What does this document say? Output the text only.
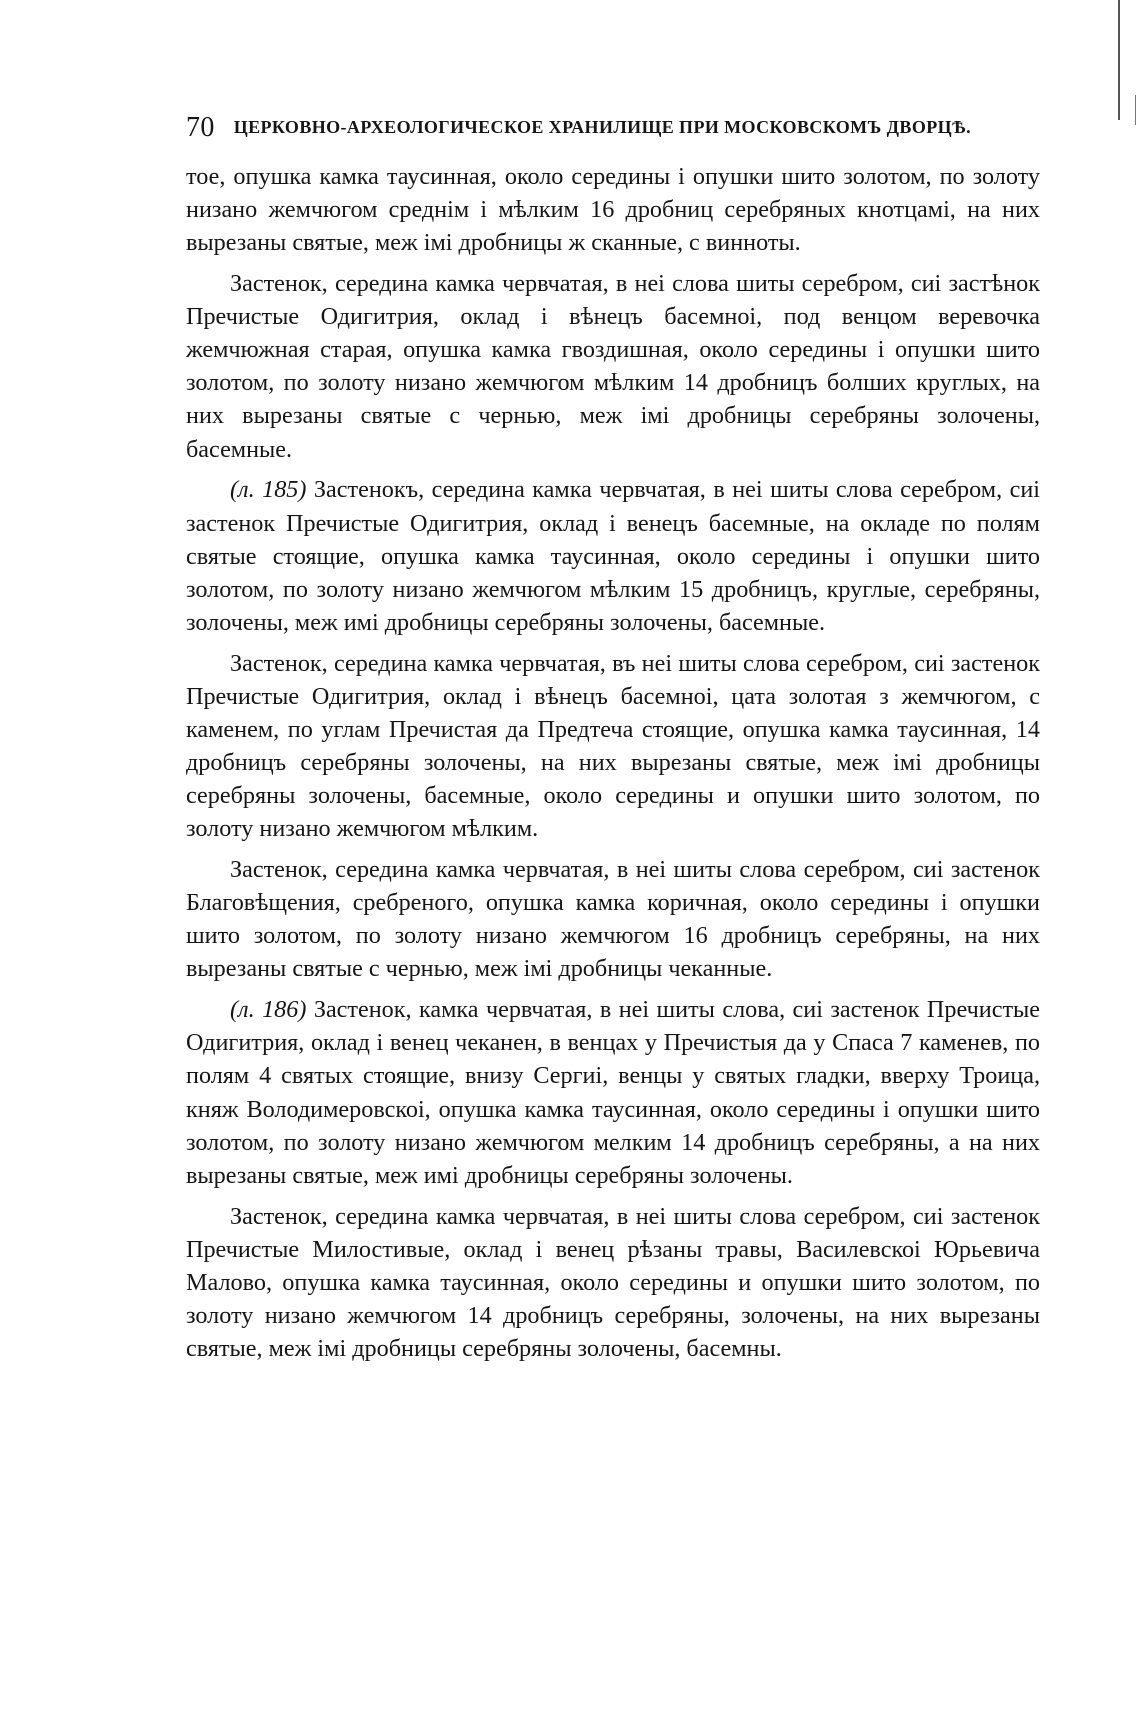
70 ЦЕРКОВНО-АРХЕОЛОГИЧЕСКОЕ ХРАНИЛИЩЕ ПРИ МОСКОВСКОМЪ ДВОРЦѢ.

тое, опушка камка таусинная, около середины і опушки шито золотом, по золоту низано жемчюгом среднім і мѣлким 16 дробниц серебряных кнотцамі, на них вырезаны святые, меж імі дробницы ж сканные, с винноты.

Застенок, середина камка червчатая, в неі слова шиты серебром, сиі застѣнок Пречистые Одигитрия, оклад і вѣнецъ басемноі, под венцом веревочка жемчюжная старая, опушка камка гвоздишная, около середины і опушки шито золотом, по золоту низано жемчюгом мѣлким 14 дробницъ болших круглых, на них вырезаны святые с чернью, меж імі дробницы серебряны золочены, басемные.

(л. 185) Застенокъ, середина камка червчатая, в неі шиты слова серебром, сиі застенок Пречистые Одигитрия, оклад і венецъ басемные, на окладе по полям святые стоящие, опушка камка таусинная, около середины і опушки шито золотом, по золоту низано жемчюгом мѣлким 15 дробницъ, круглые, серебряны, золочены, меж имі дробницы серебряны золочены, басемные.

Застенок, середина камка червчатая, въ неі шиты слова серебром, сиі застенок Пречистые Одигитрия, оклад і вѣнецъ басемноі, цата золотая з жемчюгом, с каменем, по углам Пречистая да Предтеча стоящие, опушка камка таусинная, 14 дробницъ серебряны золочены, на них вырезаны святые, меж імі дробницы серебряны золочены, басемные, около середины и опушки шито золотом, по золоту низано жемчюгом мѣлким.

Застенок, середина камка червчатая, в неі шиты слова серебром, сиі застенок Благовѣщения, сребреного, опушка камка коричная, около середины і опушки шито золотом, по золоту низано жемчюгом 16 дробницъ серебряны, на них вырезаны святые с чернью, меж імі дробницы чеканные.

(л. 186) Застенок, камка червчатая, в неі шиты слова, сиі застенок Пречистые Одигитрия, оклад і венец чеканен, в венцах у Пречистыя да у Спаса 7 каменев, по полям 4 святых стоящие, внизу Сергиі, венцы у святых гладки, вверху Троица, княж Володимеровскоі, опушка камка таусинная, около середины і опушки шито золотом, по золоту низано жемчюгом мелким 14 дробницъ серебряны, а на них вырезаны святые, меж имі дробницы серебряны золочены.

Застенок, середина камка червчатая, в неі шиты слова серебром, сиі застенок Пречистые Милостивые, оклад і венец рѣзаны травы, Василевскоі Юрьевича Малово, опушка камка таусинная, около середины и опушки шито золотом, по золоту низано жемчюгом 14 дробницъ серебряны, золочены, на них вырезаны святые, меж імі дробницы серебряны золочены, басемны.
